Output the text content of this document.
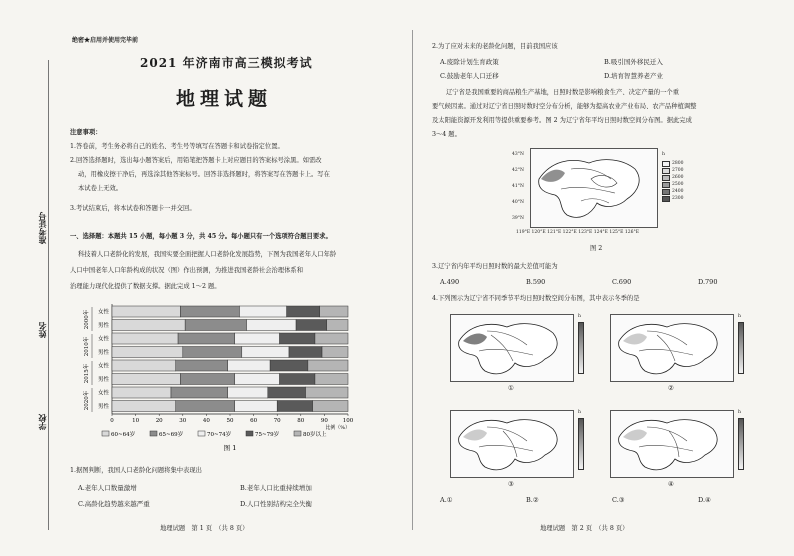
绝密★启用并使用完毕前
2021 年济南市高三模拟考试
地理试题
注意事项：
1.答卷前，考生务必将自己的姓名、考生号等填写在答题卡和试卷指定位置。
2.回答选择题时，选出每小题答案后，用铅笔把答题卡上对应题目的答案标号涂黑。如需改
动，用橡皮擦干净后，再选涂其他答案标号。回答非选择题时，将答案写在答题卡上。写在
本试卷上无效。
3.考试结束后，将本试卷和答题卡一并交回。
一、选择题：本题共 15 小题，每小题 3 分，共 45 分。每小题只有一个选项符合题目要求。
科技着人口老龄化的发展，我国实要全面把握人口老龄化发展趋势，下图为我国老年人口年龄
人口中国老年人口年龄构成的状况（图）作出预测，为推进我国老龄社会治理体系和
治理能力现代化提供了数据支撑。据此完成 1～2 题。
女性
男性
女性
男性
女性
男性
女性
男性
2000年
2010年
2015年
2020年
0	10	20	30	40	50	60	70	80	90	100
比例（%）
60~64岁	65~69岁	70~74岁	75~79岁	80岁以上
图 1
1.据图判断，我国人口老龄化问题将集中表现出
A.老年人口数量激增	B.老年人口比重持续增加
C.高龄化趋势越来越严重	D.人口性别结构完全失衡
地理试题　第 1 页　（共 8 页）
准考证号
姓名
学校
2.为了应对未来的老龄化问题，目前我国应该
A.废除计划生育政策	B.吸引国外移民迁入
C.鼓励老年人口迁移	D.培育智慧养老产业
辽宁省是我国重要的商品粮生产基地，日照时数是影响粮食生产、决定产量的一个重
要气候因素。通过对辽宁省日照时数时空分布分析，能够为提高农业产业布局、农产品种植调整
及太阳能资源开发利用等提供重要参考。图 2 为辽宁省年平均日照时数空间分布图。据此完成
3～4 题。
43°N
42°N
41°N
40°N
39°N
119°E 120°E 121°E 122°E 123°E 124°E 125°E 126°E
h
2800
2700
2600
2500
2400
2300
图 2
3.辽宁省内年平均日照时数的最大差值可能为
A.490	B.590	C.690	D.790
4.下列图示为辽宁省不同季节平均日照时数空间分布图，其中表示冬季的是
①
h
②
h
③
h
④
h
A.①	B.②	C.③	D.④
地理试题　第 2 页　（共 8 页）
